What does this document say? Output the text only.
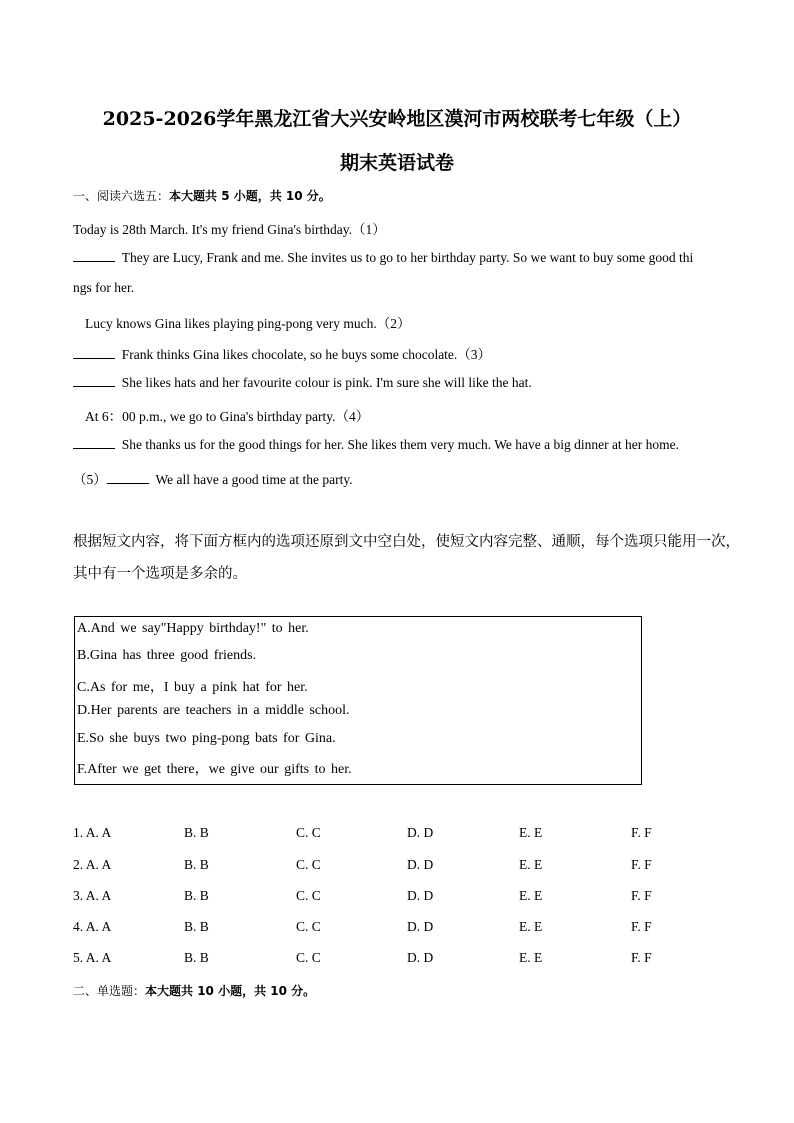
2025-2026学年黑龙江省大兴安岭地区漠河市两校联考七年级（上）
期末英语试卷
一、阅读六选五：本大题共 5 小题，共 10 分。
Today is 28th March. It's my friend Gina's birthday.（1）
They are Lucy, Frank and me. She invites us to go to her birthday party. So we want to buy some good thi
ngs for her.
Lucy knows Gina likes playing ping-pong very much.（2）
Frank thinks Gina likes chocolate, so he buys some chocolate.（3）
She likes hats and her favourite colour is pink. I'm sure she will like the hat.
At 6：00 p.m., we go to Gina's birthday party.（4）
She thanks us for the good things for her. She likes them very much. We have a big dinner at her home.
（5）	We all have a good time at the party.
根据短文内容，将下面方框内的选项还原到文中空白处，使短文内容完整、通顺，每个选项只能用一次，
其中有一个选项是多余的。
A.And we say"Happy birthday!" to her.
B.Gina has three good friends.
C.As for me，I buy a pink hat for her.
D.Her parents are teachers in a middle school.
E.So she buys two ping-pong bats for Gina.
F.After we get there，we give our gifts to her.
1. A. A	B. B	C. C	D. D	E. E	F. F
2. A. A	B. B	C. C	D. D	E. E	F. F
3. A. A	B. B	C. C	D. D	E. E	F. F
4. A. A	B. B	C. C	D. D	E. E	F. F
5. A. A	B. B	C. C	D. D	E. E	F. F
二、单选题：本大题共 10 小题，共 10 分。
